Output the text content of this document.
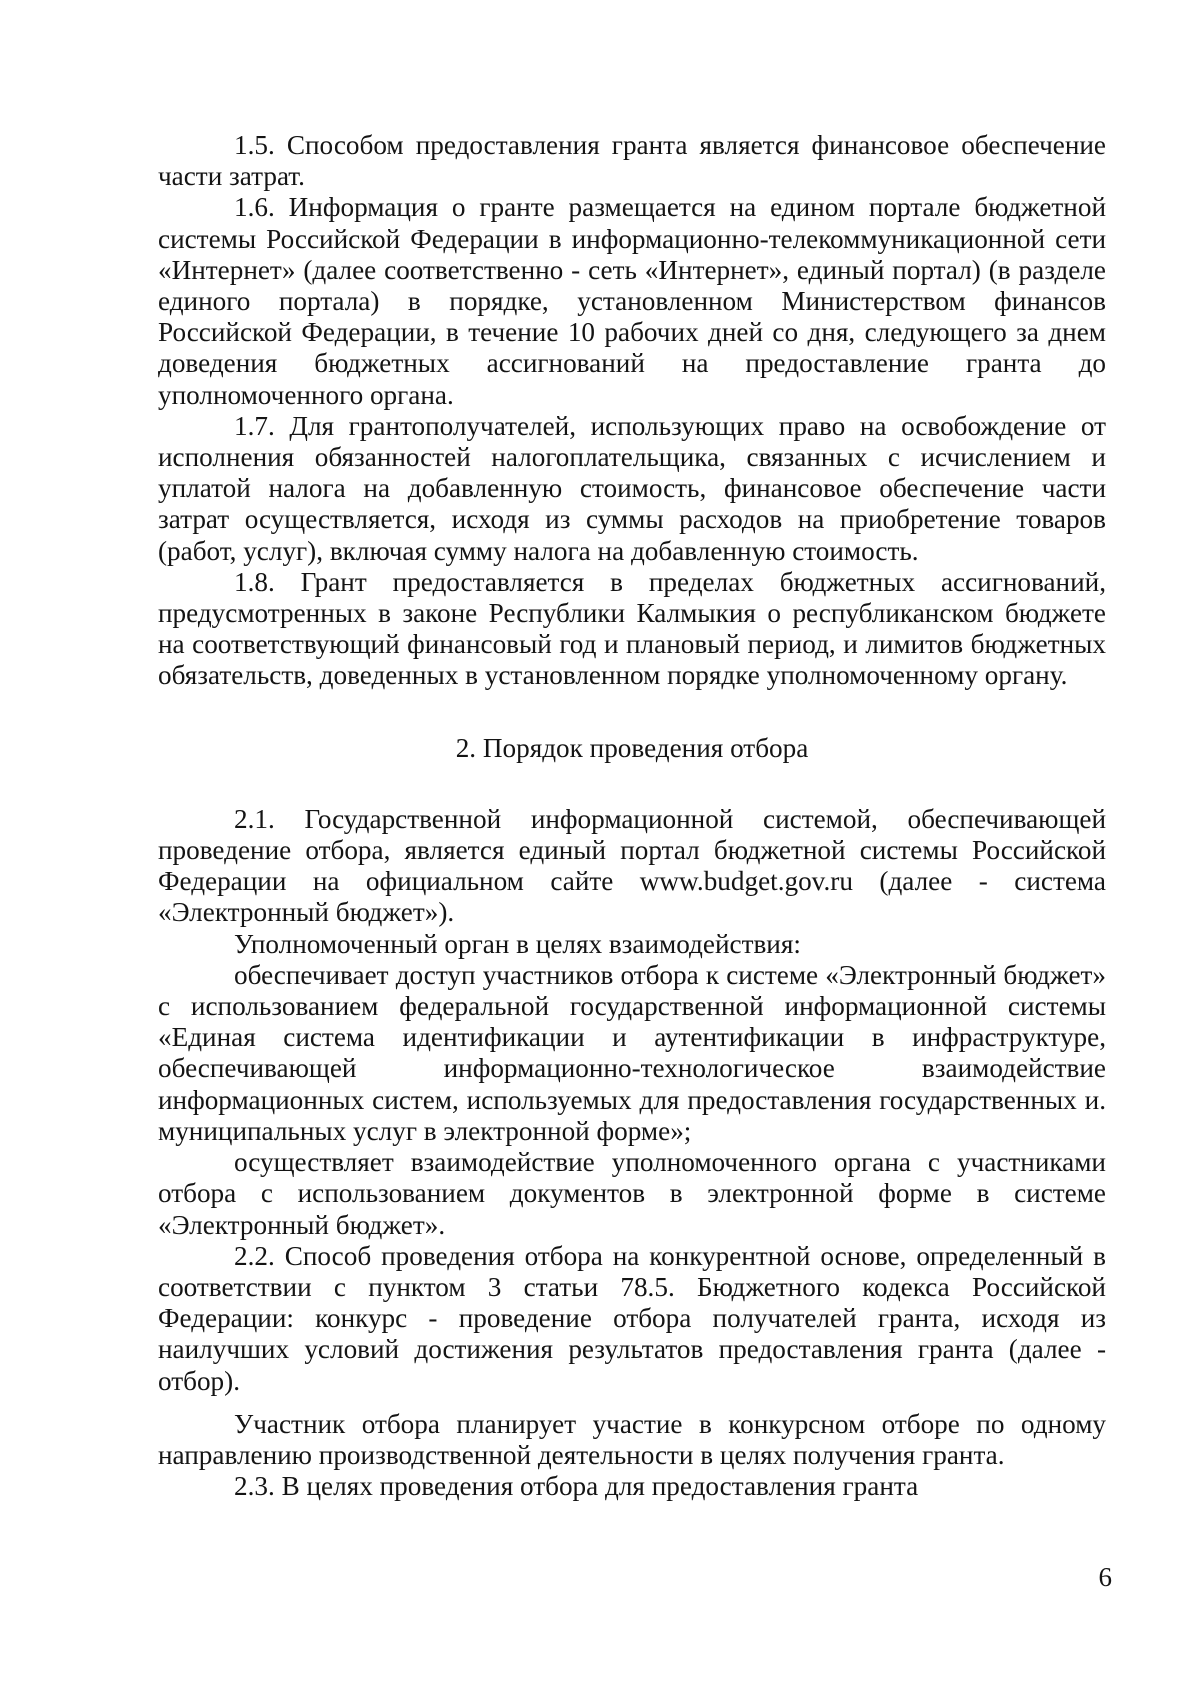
1.5. Способом предоставления гранта является финансовое обеспечение части затрат.

1.6. Информация о гранте размещается на едином портале бюджетной системы Российской Федерации в информационно-телекоммуникационной сети «Интернет» (далее соответственно - сеть «Интернет», единый портал) (в разделе единого портала) в порядке, установленном Министерством финансов Российской Федерации, в течение 10 рабочих дней со дня, следующего за днем доведения бюджетных ассигнований на предоставление гранта до уполномоченного органа.

1.7. Для грантополучателей, использующих право на освобождение от исполнения обязанностей налогоплательщика, связанных с исчислением и уплатой налога на добавленную стоимость, финансовое обеспечение части затрат осуществляется, исходя из суммы расходов на приобретение товаров (работ, услуг), включая сумму налога на добавленную стоимость.

1.8. Грант предоставляется в пределах бюджетных ассигнований, предусмотренных в законе Республики Калмыкия о республиканском бюджете на соответствующий финансовый год и плановый период, и лимитов бюджетных обязательств, доведенных в установленном порядке уполномоченному органу.

2. Порядок проведения отбора

2.1. Государственной информационной системой, обеспечивающей проведение отбора, является единый портал бюджетной системы Российской Федерации на официальном сайте www.budget.gov.ru (далее - система «Электронный бюджет»).

Уполномоченный орган в целях взаимодействия:

обеспечивает доступ участников отбора к системе «Электронный бюджет» с использованием федеральной государственной информационной системы «Единая система идентификации и аутентификации в инфраструктуре, обеспечивающей информационно-технологическое взаимодействие информационных систем, используемых для предоставления государственных и. муниципальных услуг в электронной форме»;

осуществляет взаимодействие уполномоченного органа с участниками отбора с использованием документов в электронной форме в системе «Электронный бюджет».

2.2. Способ проведения отбора на конкурентной основе, определенный в соответствии с пунктом 3 статьи 78.5. Бюджетного кодекса Российской Федерации: конкурс - проведение отбора получателей гранта, исходя из наилучших условий достижения результатов предоставления гранта (далее - отбор).

Участник отбора планирует участие в конкурсном отборе по одному направлению производственной деятельности в целях получения гранта.

2.3. В целях проведения отбора для предоставления гранта

6
